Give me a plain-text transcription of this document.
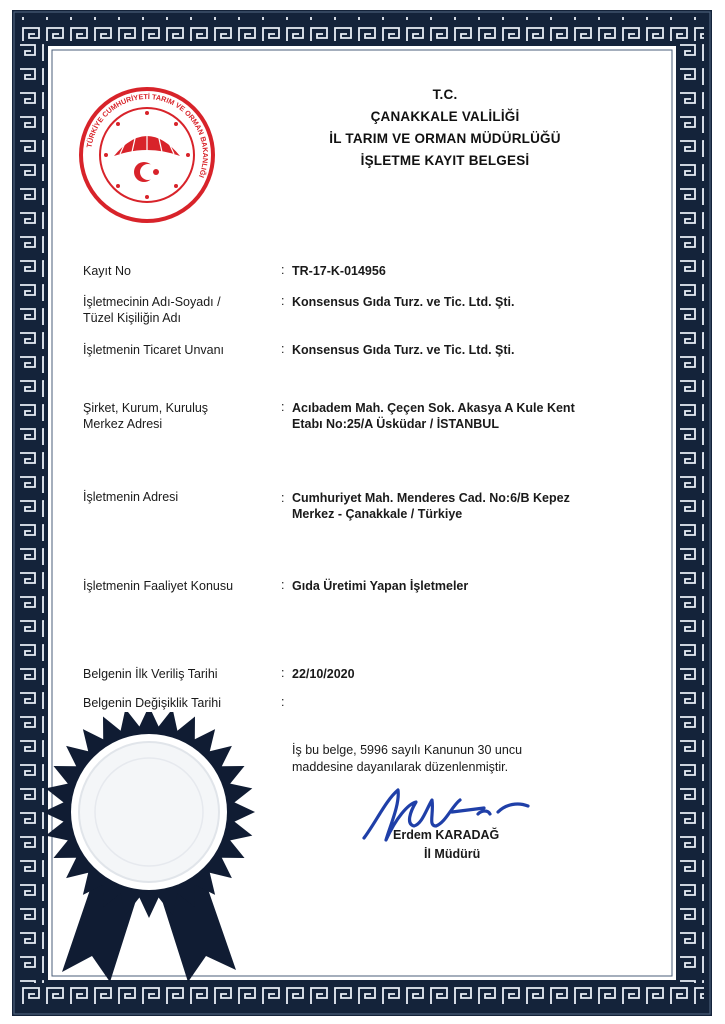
TÜRKİYE CUMHURİYETİ TARIM VE ORMAN BAKANLIĞI
T.C.
ÇANAKKALE VALİLİĞİ
İL TARIM VE ORMAN MÜDÜRLÜĞÜ
İŞLETME KAYIT BELGESİ
Kayıt No	: TR-17-K-014956
İşletmecinin Adı-Soyadı /
Tüzel Kişiliğin Adı
: Konsensus Gıda Turz. ve Tic. Ltd. Şti.
İşletmenin Ticaret Unvanı	: Konsensus Gıda Turz. ve Tic. Ltd. Şti.
Şirket, Kurum, Kuruluş
Merkez Adresi
: Acıbadem Mah. Çeçen Sok. Akasya A Kule Kent
Etabı No:25/A Üsküdar / İSTANBUL
İşletmenin Adresi	: Cumhuriyet Mah. Menderes Cad. No:6/B Kepez
Merkez - Çanakkale / Türkiye
İşletmenin Faaliyet Konusu	: Gıda Üretimi Yapan İşletmeler
Belgenin İlk Veriliş Tarihi	: 22/10/2020
Belgenin Değişiklik Tarihi	:
İş bu belge, 5996 sayılı Kanunun 30 uncu
maddesine dayanılarak düzenlenmiştir.
Erdem KARADAĞ
İl Müdürü
